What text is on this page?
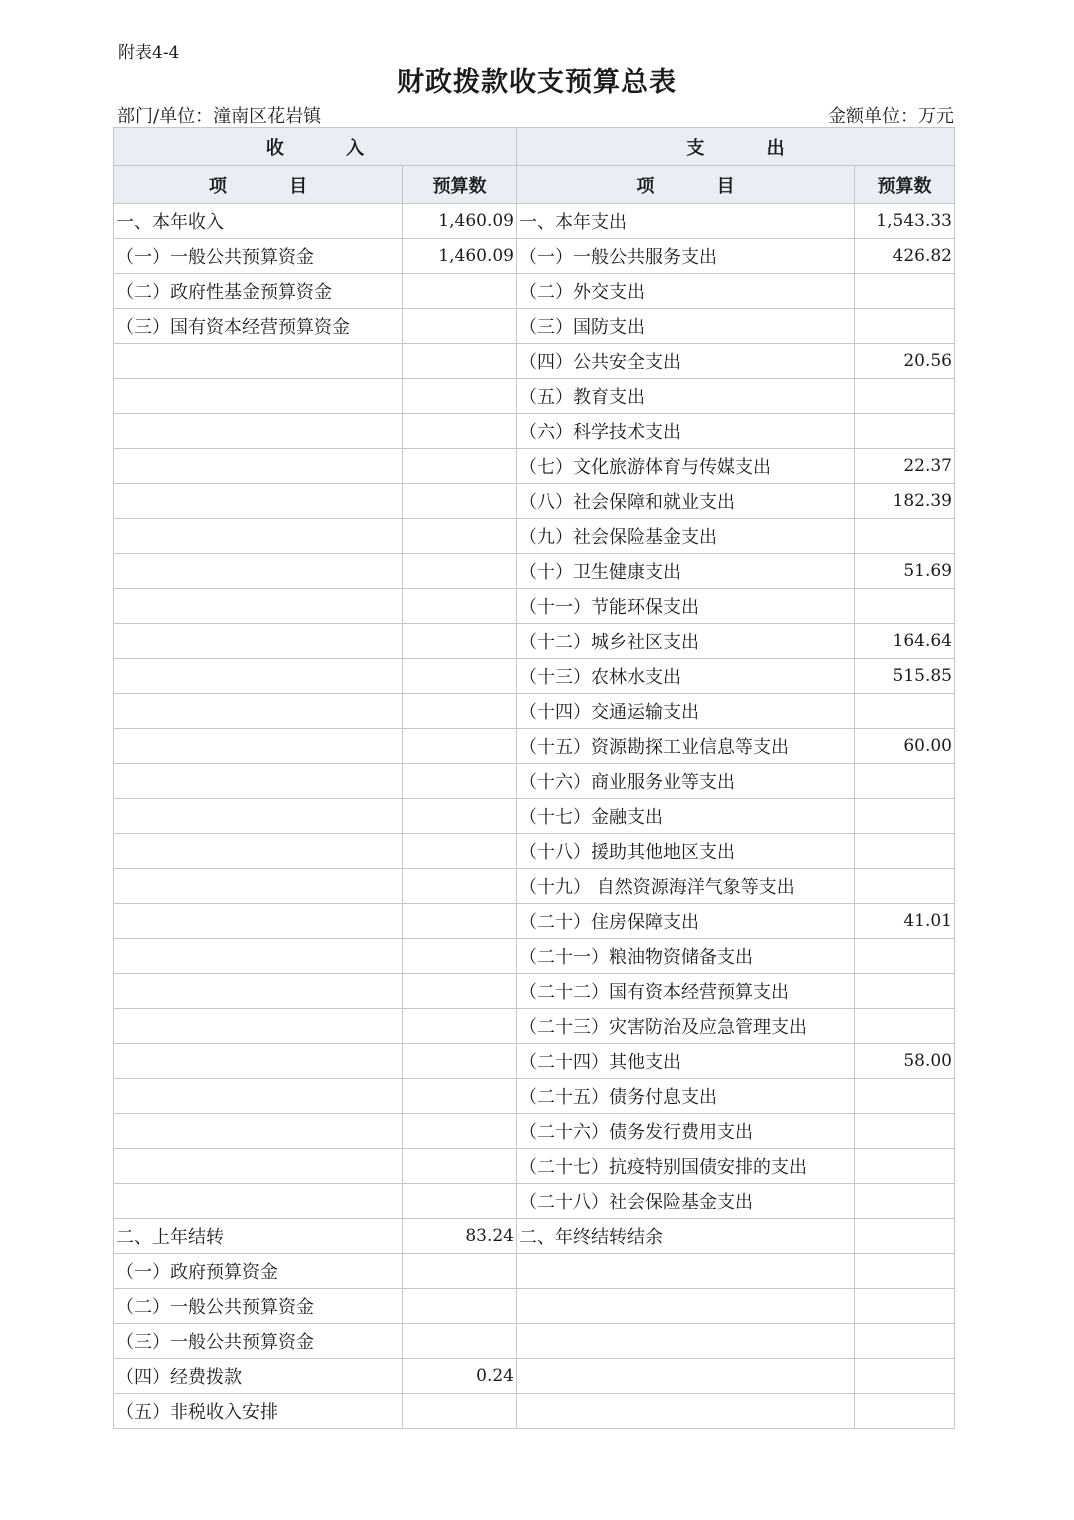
附表4-4
财政拨款收支预算总表
部门/单位：潼南区花岩镇	金额单位：万元
收 入		支 出	
项 目	预算数	项 目	预算数
一、本年收入	1,460.09	一、本年支出	1,543.33
（一）一般公共预算资金	1,460.09	（一）一般公共服务支出	426.82
（二）政府性基金预算资金		（二）外交支出	
（三）国有资本经营预算资金		（三）国防支出	
		（四）公共安全支出	20.56
		（五）教育支出	
		（六）科学技术支出	
		（七）文化旅游体育与传媒支出	22.37
		（八）社会保障和就业支出	182.39
		（九）社会保险基金支出	
		（十）卫生健康支出	51.69
		（十一）节能环保支出	
		（十二）城乡社区支出	164.64
		（十三）农林水支出	515.85
		（十四）交通运输支出	
		（十五）资源勘探工业信息等支出	60.00
		（十六）商业服务业等支出	
		（十七）金融支出	
		（十八）援助其他地区支出	
		（十九） 自然资源海洋气象等支出	
		（二十）住房保障支出	41.01
		（二十一）粮油物资储备支出	
		（二十二）国有资本经营预算支出	
		（二十三）灾害防治及应急管理支出	
		（二十四）其他支出	58.00
		（二十五）债务付息支出	
		（二十六）债务发行费用支出	
		（二十七）抗疫特别国债安排的支出	
		（二十八）社会保险基金支出	
二、上年结转	83.24	二、年终结转结余	
（一）政府预算资金			
（二）一般公共预算资金			
（三）一般公共预算资金			
（四）经费拨款	0.24		
（五）非税收入安排			
